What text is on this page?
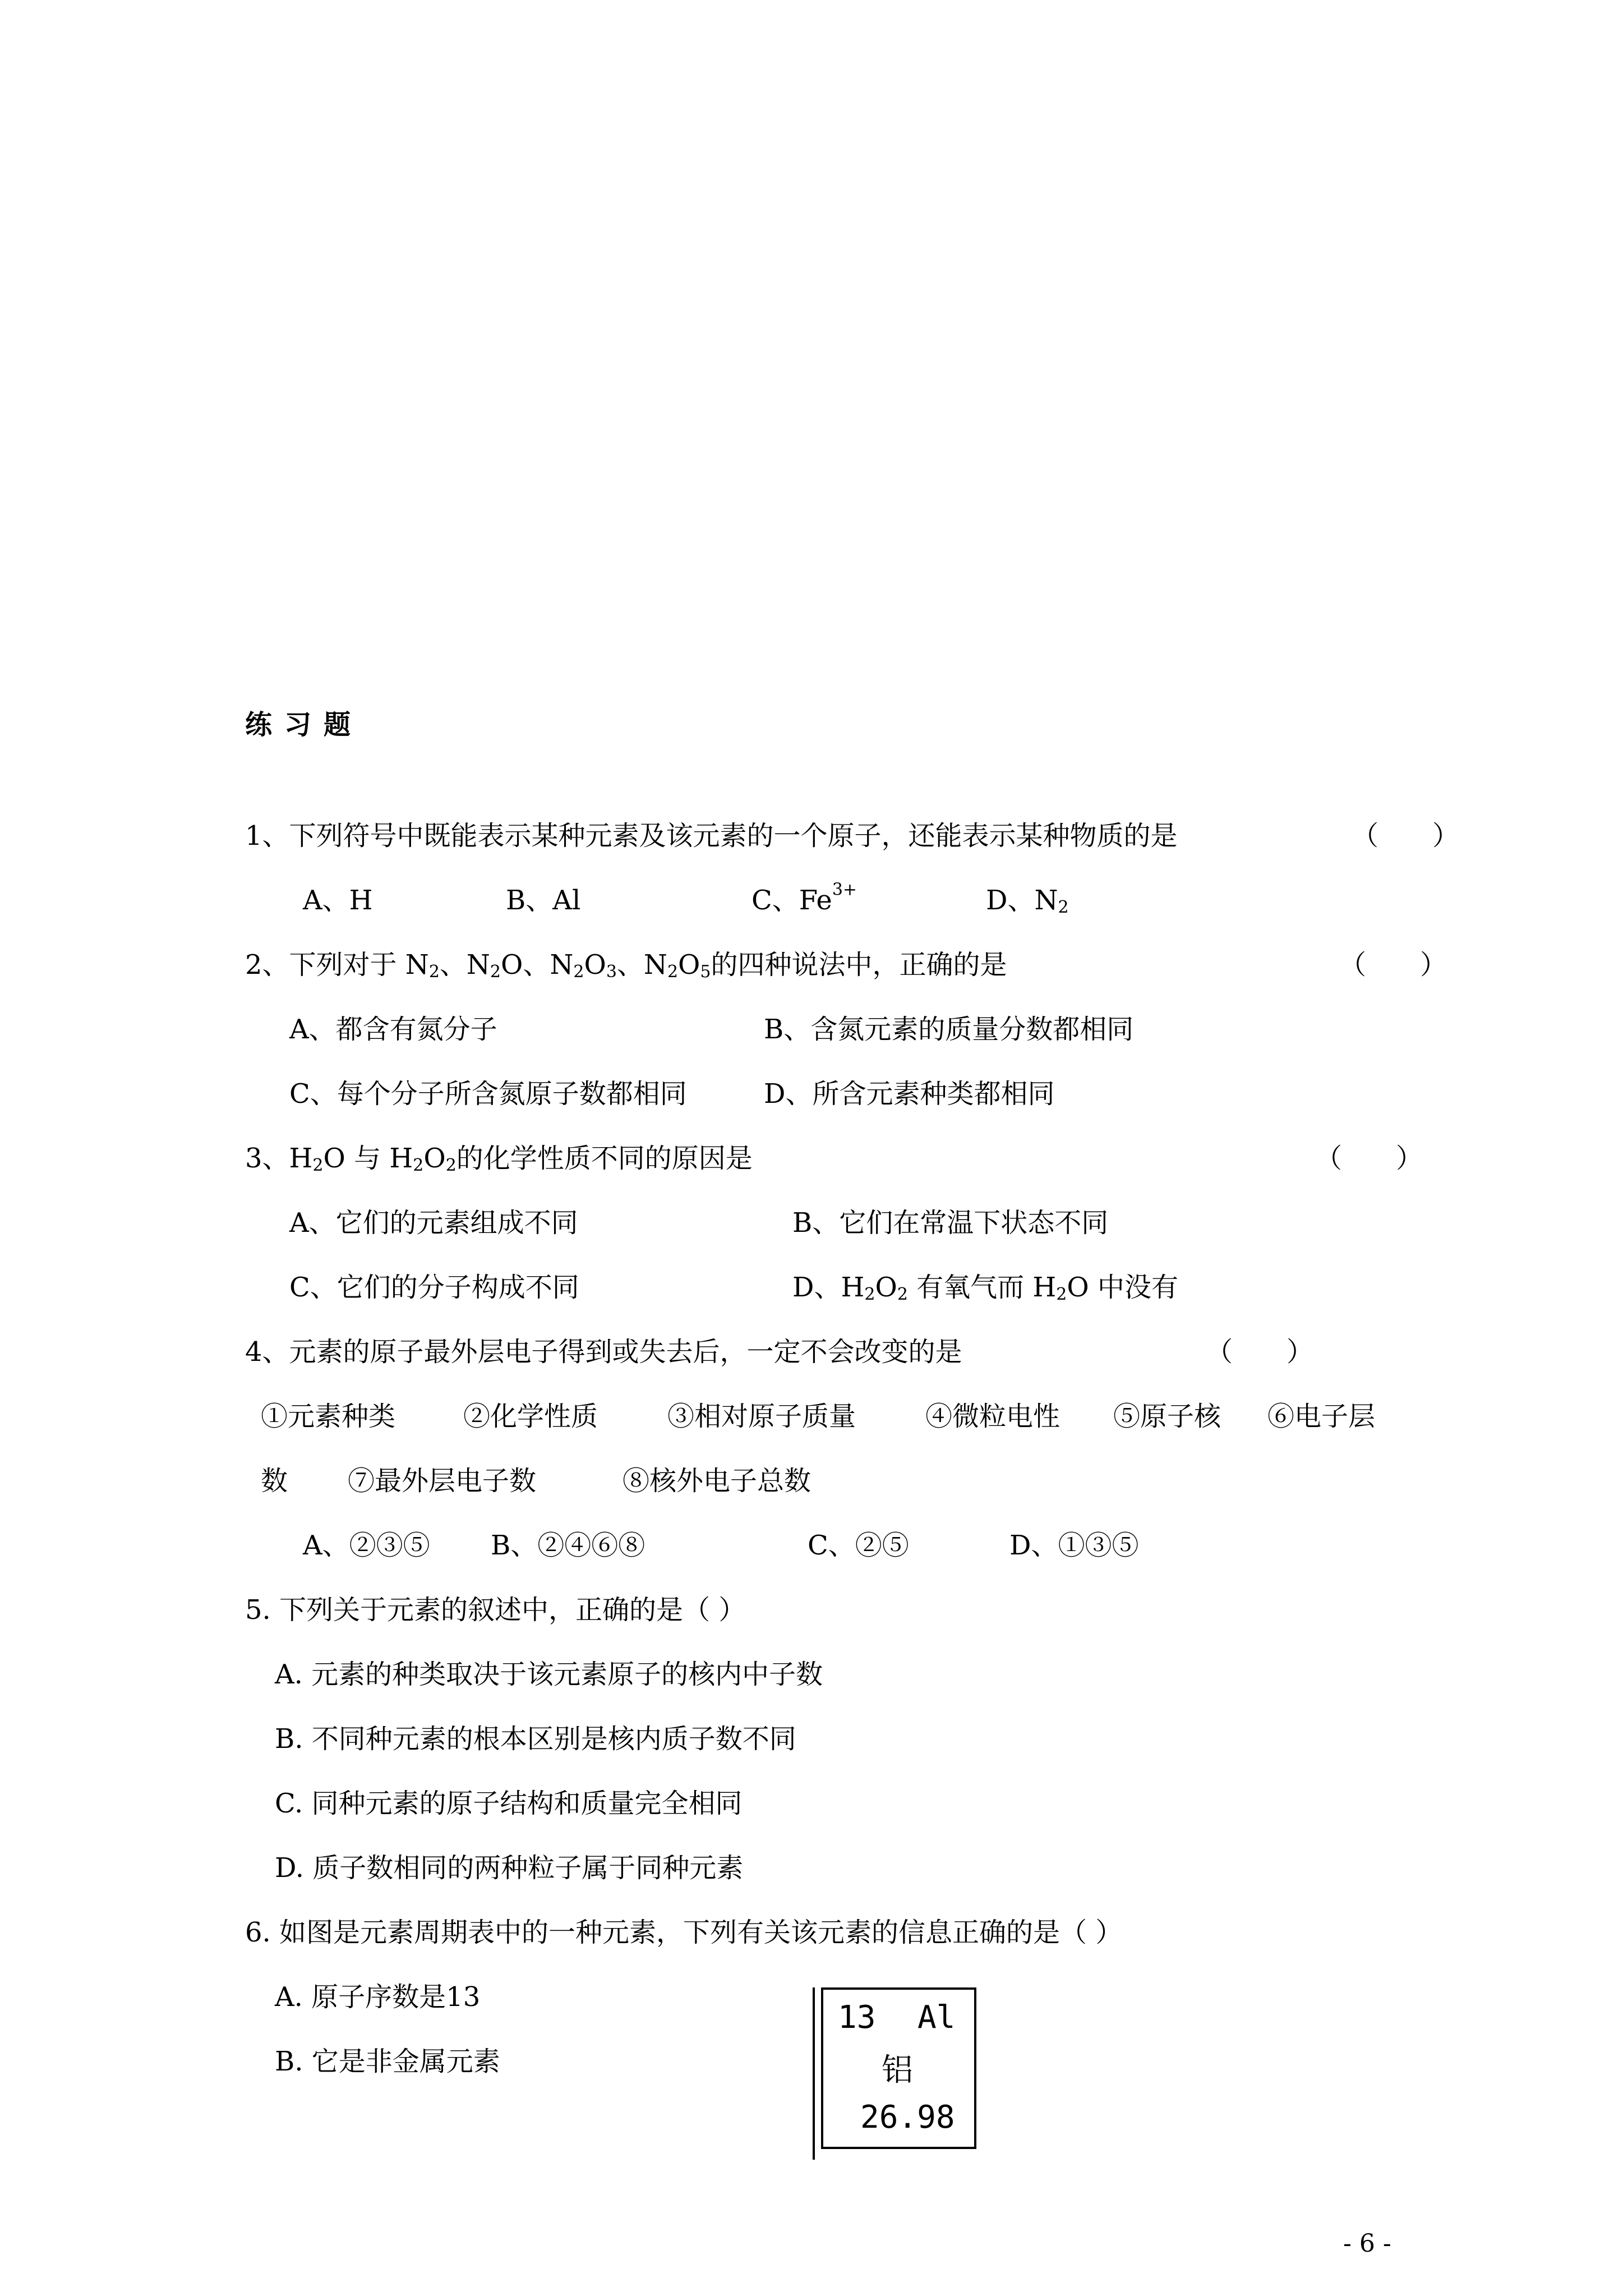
练习题
1、下列符号中既能表示某种元素及该元素的一个原子，还能表示某种物质的是	（　　）
A、H	B、Al	C、$Fe^{3+}$	D、$N_2$
2、下列对于 $N_2$、$N_2O$、$N_2O_3$、$N_2O_5$的四种说法中，正确的是	（　　）
A、都含有氮分子	B、含氮元素的质量分数都相同
C、每个分子所含氮原子数都相同	D、所含元素种类都相同
3、$H_2O$ 与 $H_2O_2$的化学性质不同的原因是	（　　）
A、它们的元素组成不同	B、它们在常温下状态不同
C、它们的分子构成不同	D、$H_2O_2$ 有氧气而 $H_2O$ 中没有
4、元素的原子最外层电子得到或失去后，一定不会改变的是	（　　）
①元素种类	②化学性质	③相对原子质量	④微粒电性 ⑤原子核 ⑥电子层
数 ⑦最外层电子数	⑧核外电子总数
A、②③⑤ B、②④⑥⑧	C、②⑤	D、①③⑤
5. 下列关于元素的叙述中，正确的是（ ）
A. 元素的种类取决于该元素原子的核内中子数
B. 不同种元素的根本区别是核内质子数不同
C. 同种元素的原子结构和质量完全相同
D. 质子数相同的两种粒子属于同种元素
6. 如图是元素周期表中的一种元素，下列有关该元素的信息正确的是（ ）
A. 原子序数是13
B. 它是非金属元素
13 Al
铝
26.98
- 6 -
